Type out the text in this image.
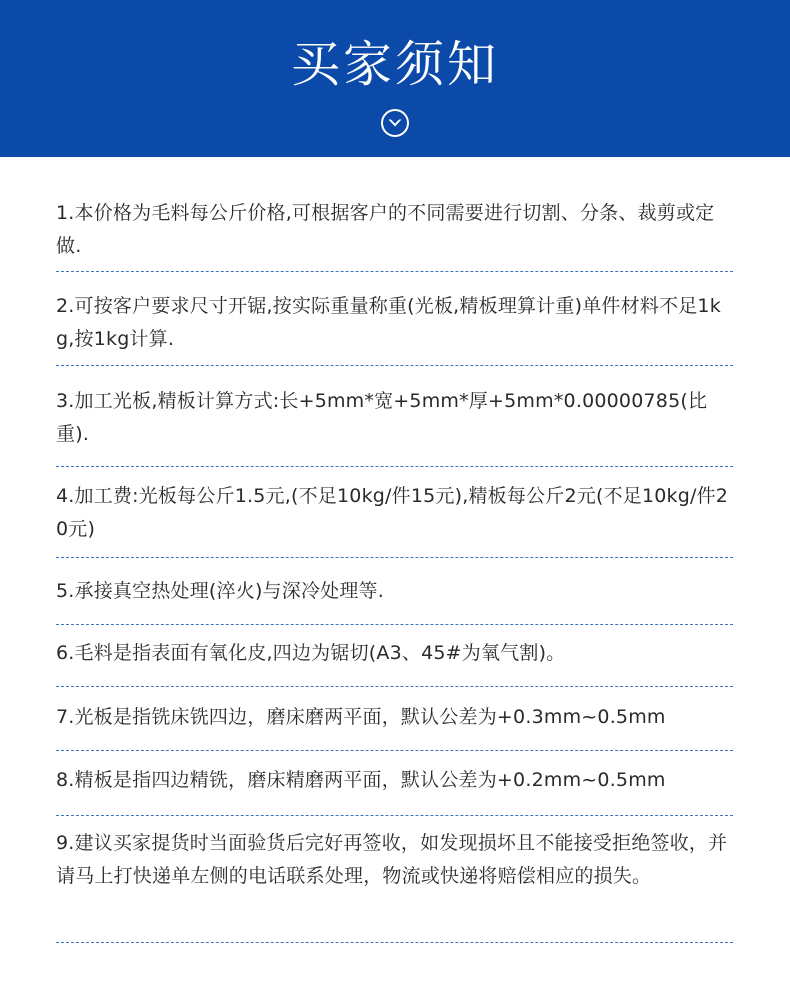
买家须知
1.本价格为毛料每公斤价格,可根据客户的不同需要进行切割、分条、裁剪或定做.
2.可按客户要求尺寸开锯,按实际重量称重(光板,精板理算计重)单件材料不足1kg,按1kg计算.
3.加工光板,精板计算方式:长+5mm*宽+5mm*厚+5mm*0.00000785(比重).
4.加工费:光板每公斤1.5元,(不足10kg/件15元),精板每公斤2元(不足10kg/件20元)
5.承接真空热处理(淬火)与深冷处理等.
6.毛料是指表面有氧化皮,四边为锯切(A3、45#为氧气割)。
7.光板是指铣床铣四边，磨床磨两平面，默认公差为+0.3mm~0.5mm
8.精板是指四边精铣，磨床精磨两平面，默认公差为+0.2mm~0.5mm
9.建议买家提货时当面验货后完好再签收，如发现损坏且不能接受拒绝签收，并请马上打快递单左侧的电话联系处理，物流或快递将赔偿相应的损失。
